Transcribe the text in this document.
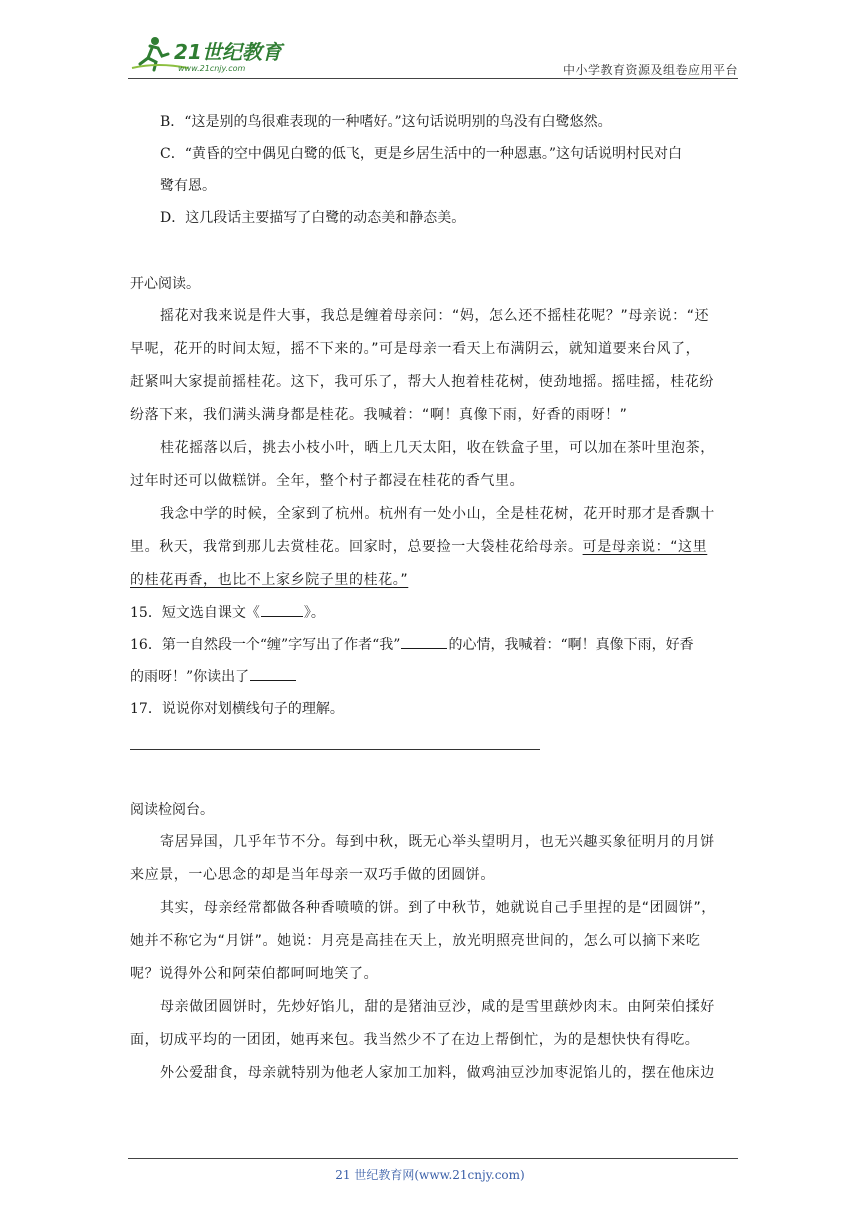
21世纪教育
www.21cnjy.com	中小学教育资源及组卷应用平台

B．“这是别的鸟很难表现的一种嗜好。”这句话说明别的鸟没有白鹭悠然。

C．“黄昏的空中偶见白鹭的低飞，更是乡居生活中的一种恩惠。”这句话说明村民对白

鹭有恩。

D．这几段话主要描写了白鹭的动态美和静态美。

开心阅读。

摇花对我来说是件大事，我总是缠着母亲问：“妈，怎么还不摇桂花呢？”母亲说：“还

早呢，花开的时间太短，摇不下来的。”可是母亲一看天上布满阴云，就知道要来台风了，

赶紧叫大家提前摇桂花。这下，我可乐了，帮大人抱着桂花树，使劲地摇。摇哇摇，桂花纷

纷落下来，我们满头满身都是桂花。我喊着：“啊！真像下雨，好香的雨呀！”

桂花摇落以后，挑去小枝小叶，晒上几天太阳，收在铁盒子里，可以加在茶叶里泡茶，

过年时还可以做糕饼。全年，整个村子都浸在桂花的香气里。

我念中学的时候，全家到了杭州。杭州有一处小山，全是桂花树，花开时那才是香飘十

里。秋天，我常到那儿去赏桂花。回家时，总要捡一大袋桂花给母亲。可是母亲说：“这里

的桂花再香，也比不上家乡院子里的桂花。”

15．短文选自课文《	》。

16．第一自然段一个“缠”字写出了作者“我”	的心情，我喊着：“啊！真像下雨，好香

的雨呀！”你读出了

17．说说你对划横线句子的理解。

阅读检阅台。

寄居异国，几乎年节不分。每到中秋，既无心举头望明月，也无兴趣买象征明月的月饼

来应景，一心思念的却是当年母亲一双巧手做的团圆饼。

其实，母亲经常都做各种香喷喷的饼。到了中秋节，她就说自己手里捏的是“团圆饼”，

她并不称它为“月饼”。她说：月亮是高挂在天上，放光明照亮世间的，怎么可以摘下来吃

呢？说得外公和阿荣伯都呵呵地笑了。

母亲做团圆饼时，先炒好馅儿，甜的是猪油豆沙，咸的是雪里蕻炒肉末。由阿荣伯揉好

面，切成平均的一团团，她再来包。我当然少不了在边上帮倒忙，为的是想快快有得吃。

外公爱甜食，母亲就特别为他老人家加工加料，做鸡油豆沙加枣泥馅儿的，摆在他床边

21 世纪教育网(www.21cnjy.com)
